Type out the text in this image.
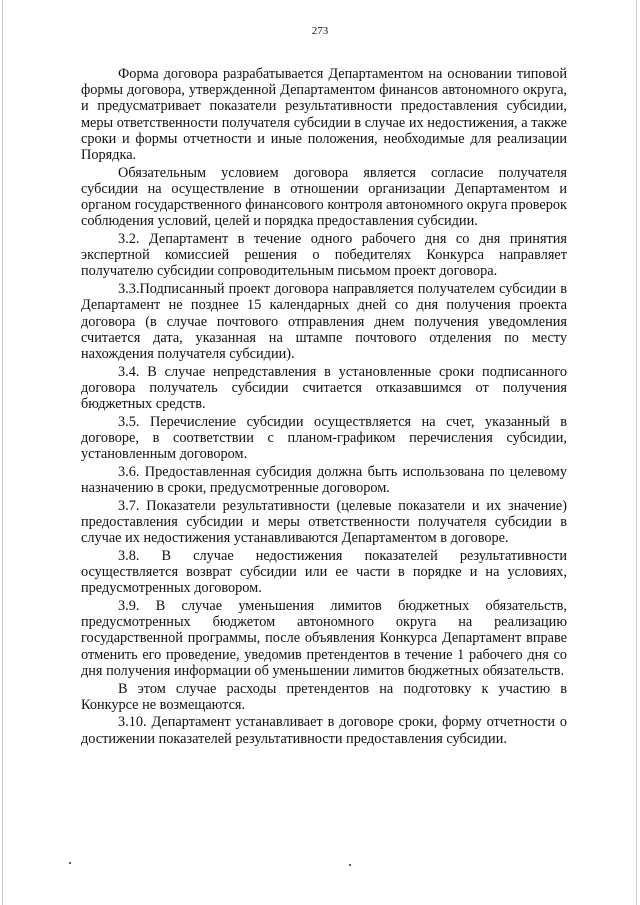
273

Форма договора разрабатывается Департаментом на основании типовой формы договора, утвержденной Департаментом финансов автономного округа, и предусматривает показатели результативности предоставления субсидии, меры ответственности получателя субсидии в случае их недостижения, а также сроки и формы отчетности и иные положения, необходимые для реализации Порядка.

Обязательным условием договора является согласие получателя субсидии на осуществление в отношении организации Департаментом и органом государственного финансового контроля автономного округа проверок соблюдения условий, целей и порядка предоставления субсидии.

3.2. Департамент в течение одного рабочего дня со дня принятия экспертной комиссией решения о победителях Конкурса направляет получателю субсидии сопроводительным письмом проект договора.

3.3.Подписанный проект договора направляется получателем субсидии в Департамент не позднее 15 календарных дней со дня получения проекта договора (в случае почтового отправления днем получения уведомления считается дата, указанная на штампе почтового отделения по месту нахождения получателя субсидии).

3.4. В случае непредставления в установленные сроки подписанного договора получатель субсидии считается отказавшимся от получения бюджетных средств.

3.5. Перечисление субсидии осуществляется на счет, указанный в договоре, в соответствии с планом-графиком перечисления субсидии, установленным договором.

3.6. Предоставленная субсидия должна быть использована по целевому назначению в сроки, предусмотренные договором.

3.7. Показатели результативности (целевые показатели и их значение) предоставления субсидии и меры ответственности получателя субсидии в случае их недостижения устанавливаются Департаментом в договоре.

3.8. В случае недостижения показателей результативности осуществляется возврат субсидии или ее части в порядке и на условиях, предусмотренных договором.

3.9. В случае уменьшения лимитов бюджетных обязательств, предусмотренных бюджетом автономного округа на реализацию государственной программы, после объявления Конкурса Департамент вправе отменить его проведение, уведомив претендентов в течение 1 рабочего дня со дня получения информации об уменьшении лимитов бюджетных обязательств.

В этом случае расходы претендентов на подготовку к участию в Конкурсе не возмещаются.

3.10. Департамент устанавливает в договоре сроки, форму отчетности о достижении показателей результативности предоставления субсидии.
